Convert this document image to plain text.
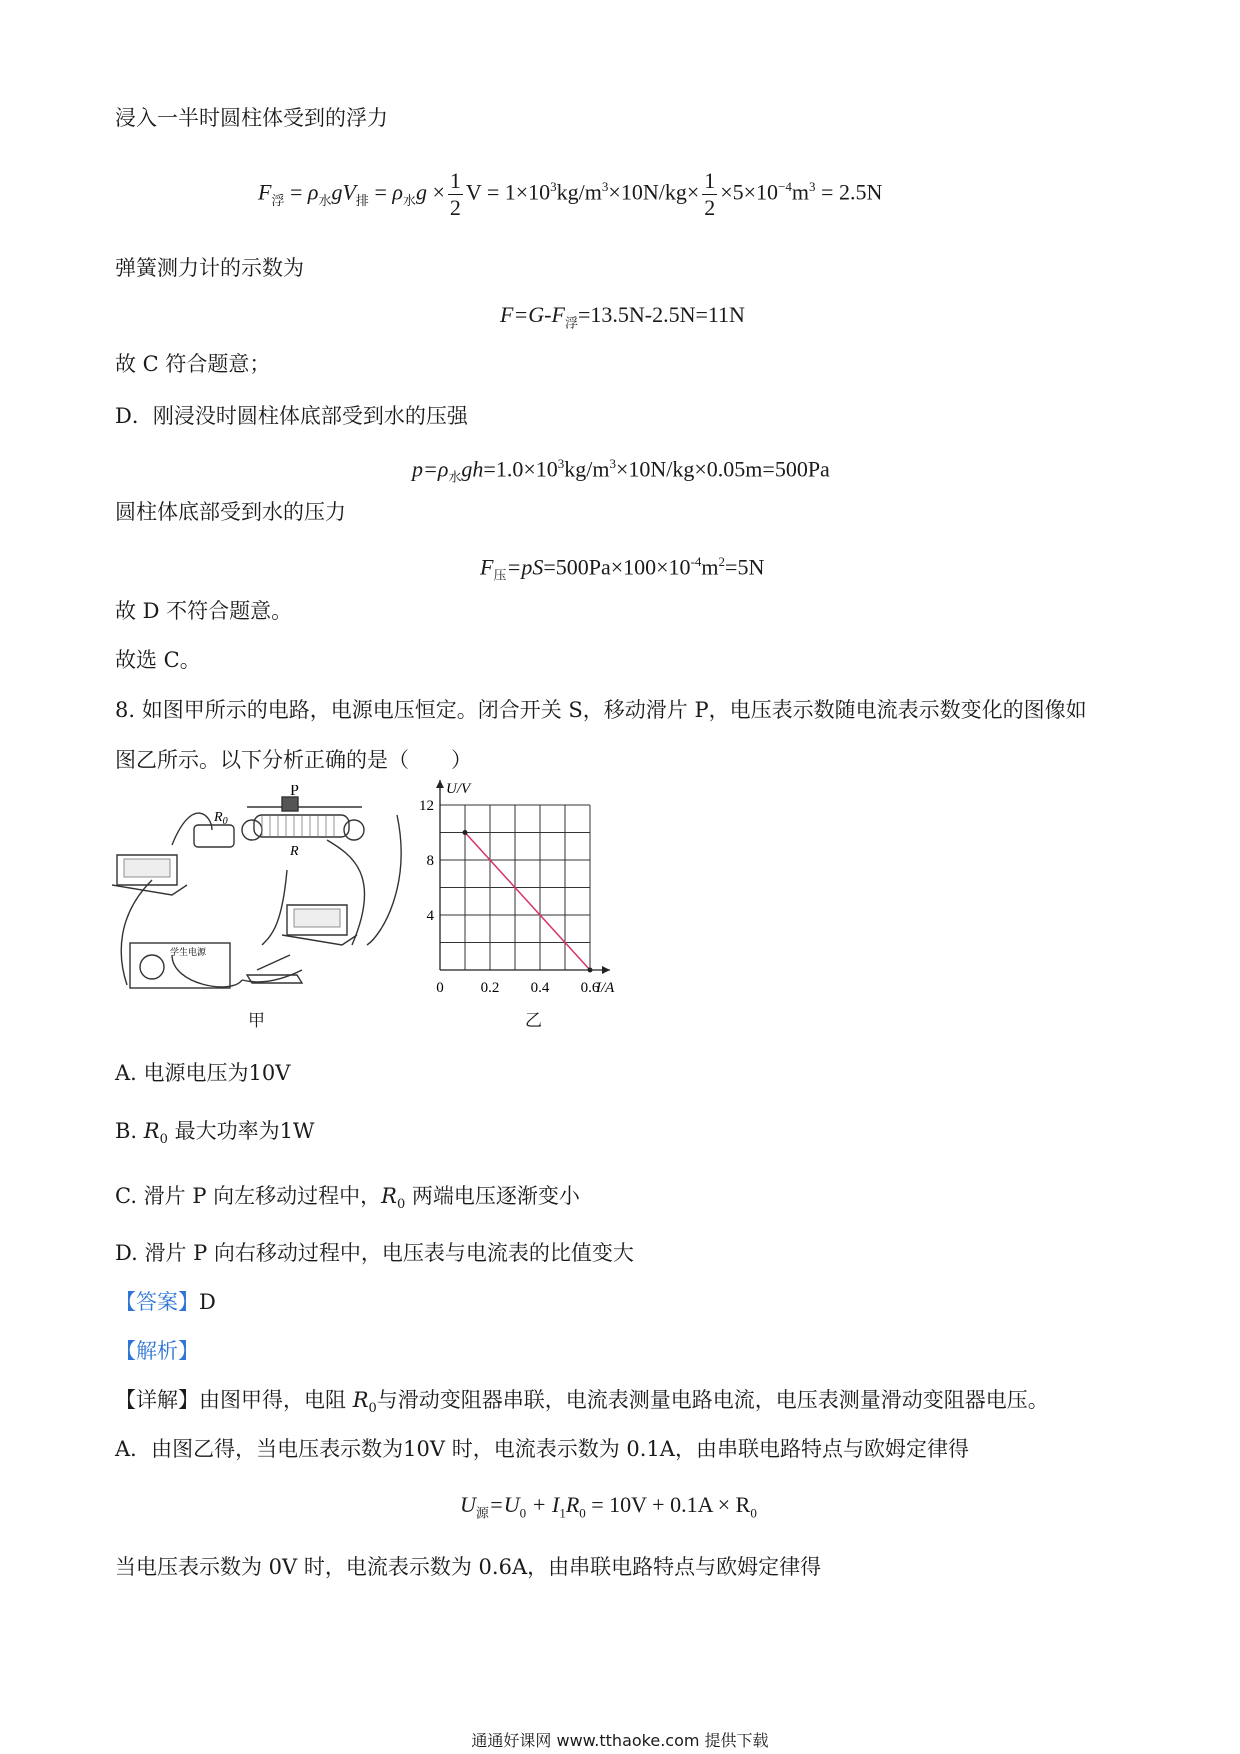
浸入一半时圆柱体受到的浮力
$F_浮 = \rho_水gV_排 = \rho_水g \times \frac{1}{2}$ $V = 1\times 10^3kg/m^3\times 10N/kg\times \frac{1}{2} \times 5\times 10^{-4}m^3 = 2.5N$
弹簧测力计的示数为
$F=G-F_浮=13.5N-2.5N=11N$
故 C 符合题意；
D．刚浸没时圆柱体底部受到水的压强
$p=\rho_水gh=1.0\times 10^3kg/m^3\times 10N/kg\times 0.05m=500Pa$
圆柱体底部受到水的压力
$F_压=pS=500Pa\times 100\times 10^{-4}m^2=5N$
故 D 不符合题意。
故选 C。
8. 如图甲所示的电路，电源电压恒定。闭合开关 S，移动滑片 P，电压表示数随电流表示数变化的图像如
图乙所示。以下分析正确的是（　　）
$R_0$
P
R
学生电源
甲
0 0.2 0.4 0.6
4
8
12
U/V
I/A
乙
A. 电源电压为10V
B. $R_0$ 最大功率为1W
C. 滑片 P 向左移动过程中，$R_0$ 两端电压逐渐变小
D. 滑片 P 向右移动过程中，电压表与电流表的比值变大
【答案】D
【解析】
【详解】由图甲得，电阻 $R_0$与滑动变阻器串联，电流表测量电路电流，电压表测量滑动变阻器电压。
A．由图乙得，当电压表示数为10V 时，电流表示数为 0.1A，由串联电路特点与欧姆定律得
$U_源=U_0 + I_1R_0 = 10V + 0.1A \times R_0$
当电压表示数为 0V 时，电流表示数为 0.6A，由串联电路特点与欧姆定律得
通通好课网 www.tthaoke.com 提供下载
